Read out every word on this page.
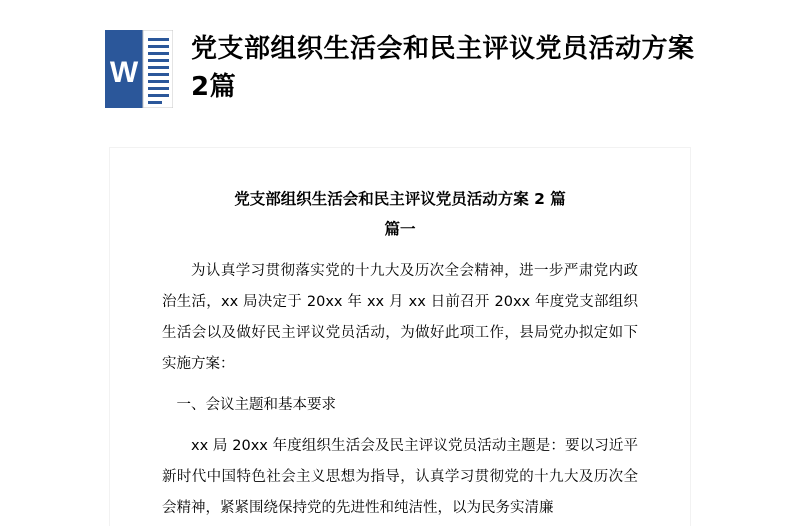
W
党支部组织生活会和民主评议党员活动方案2篇
党支部组织生活会和民主评议党员活动方案 2 篇
篇一

为认真学习贯彻落实党的十九大及历次全会精神，进一步严肃党内政治生活，xx 局决定于 20xx 年 xx 月 xx 日前召开 20xx 年度党支部组织生活会以及做好民主评议党员活动，为做好此项工作，县局党办拟定如下实施方案：

一、会议主题和基本要求

xx 局 20xx 年度组织生活会及民主评议党员活动主题是：要以习近平新时代中国特色社会主义思想为指导，认真学习贯彻党的十九大及历次全会精神，紧紧围绕保持党的先进性和纯洁性，以为民务实清廉
